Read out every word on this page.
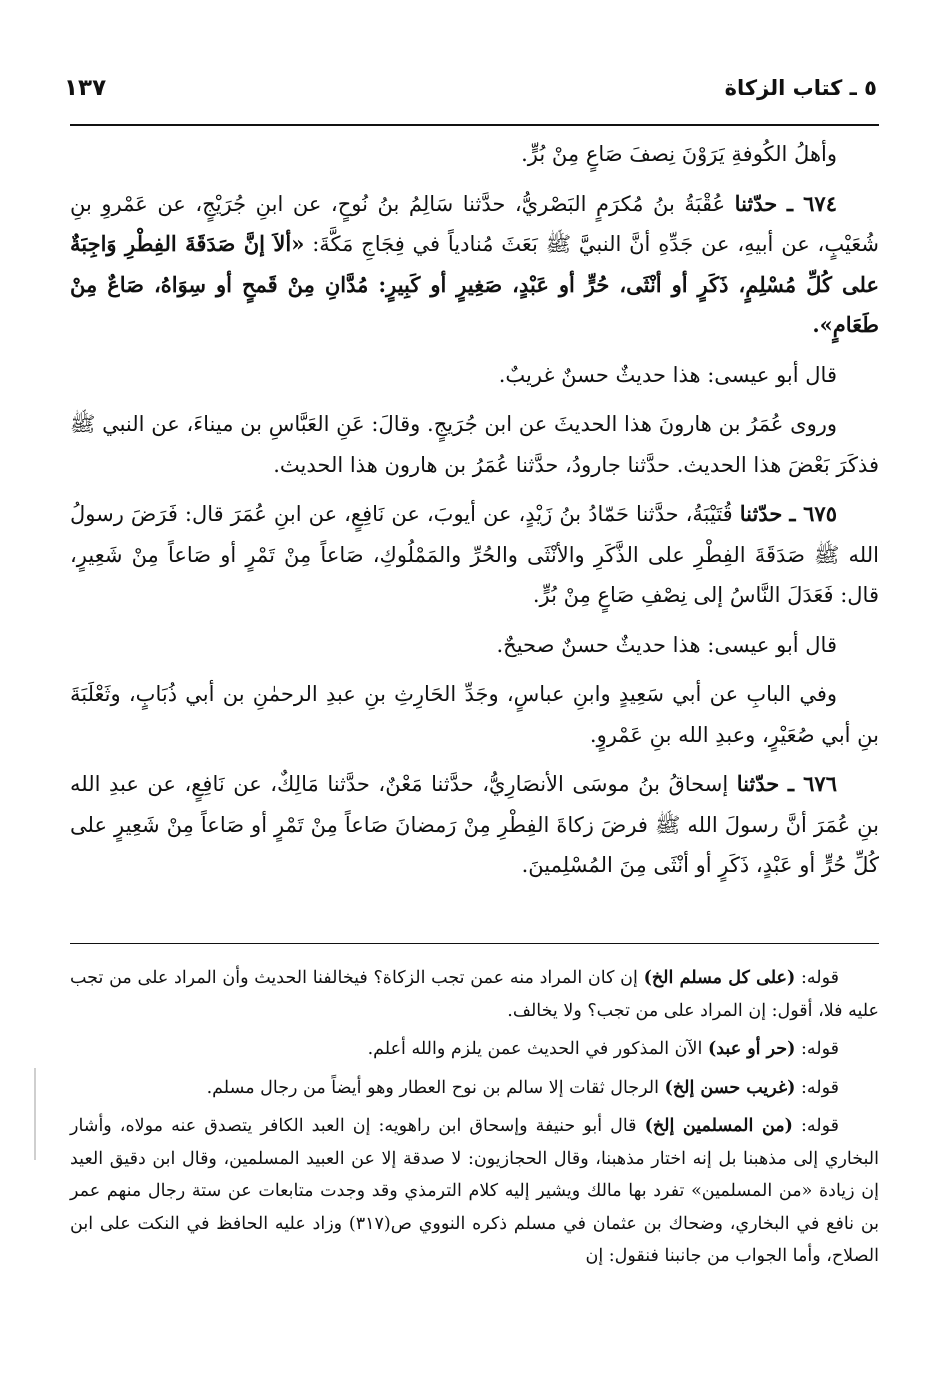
٥ ـ كتاب الزكاة
١٣٧

وأهلُ الكُوفةِ يَرَوْنَ نِصفَ صَاعٍ مِنْ بُرٍّ.

٦٧٤ ـ حدّثنا عُقْبَةُ بنُ مُكرَمٍ البَصْريُّ، حدَّثنا سَالِمُ بنُ نُوحٍ، عن ابنِ جُرَيْجٍ، عن عَمْروِ بنِ شُعَيْبٍ، عن أبيهِ، عن جَدِّهِ أنَّ النبيَّ ﷺ بَعَثَ مُنادياً في فِجَاجِ مَكَّةَ: «ألاَ إنَّ صَدَقَةَ الفِطْرِ وَاجِبَةٌ على كُلِّ مُسْلِمٍ، ذَكَرٍ أو أنْثَى، حُرٍّ أو عَبْدٍ، صَغِيرٍ أو كَبِيرٍ: مُدَّانِ مِنْ قَمحٍ أو سِوَاهُ، صَاعٌ مِنْ طَعَامٍ».

قال أبو عيسى: هذا حديثٌ حسنٌ غريبٌ.

وروى عُمَرُ بن هارونَ هذا الحديثَ عن ابن جُرَيجٍ. وقالَ: عَنِ العَبَّاسِ بن ميناءَ، عن النبي ﷺ فذكَرَ بَعْضَ هذا الحديث. حدَّثنا جارودُ، حدَّثنا عُمَرُ بن هارون هذا الحديث.

٦٧٥ ـ حدّثنا قُتَيْبَةُ، حدَّثنا حَمّادُ بنُ زَيْدٍ، عن أيوبَ، عن نَافِعٍ، عن ابنِ عُمَرَ قال: فَرَضَ رسولُ الله ﷺ صَدَقَةَ الفِطْرِ على الذَّكَرِ والأنْثَى والحُرِّ والمَمْلُوكِ، صَاعاً مِنْ تَمْرٍ أو صَاعاً مِنْ شَعِيرٍ، قال: فَعَدَلَ النَّاسُ إلى نِصْفِ صَاعٍ مِنْ بُرٍّ.

قال أبو عيسى: هذا حديثٌ حسنٌ صحيحٌ.

وفي البابِ عن أبي سَعِيدٍ وابنِ عباسٍ، وجَدِّ الحَارِثِ بنِ عبدِ الرحمٰنِ بن أبي ذُبَابٍ، وثَعْلَبَةَ بنِ أبي صُعَيْرٍ، وعبدِ الله بنِ عَمْروٍ.

٦٧٦ ـ حدّثنا إسحاقُ بنُ موسَى الأنصَارِيُّ، حدَّثنا مَعْنٌ، حدَّثنا مَالِكٌ، عن نَافِعٍ، عن عبدِ الله بنِ عُمَرَ أنَّ رسولَ الله ﷺ فرضَ زكاةَ الفِطْرِ مِنْ رَمضانَ صَاعاً مِنْ تَمْرٍ أو صَاعاً مِنْ شَعِيرٍ على كُلِّ حُرٍّ أو عَبْدٍ، ذَكَرٍ أو أنْثَى مِنَ المُسْلِمينَ.

قوله: (على كل مسلم الخ) إن كان المراد منه عمن تجب الزكاة؟ فيخالفنا الحديث وأن المراد على من تجب عليه فلا، أقول: إن المراد على من تجب؟ ولا يخالف.

قوله: (حر أو عبد) الآن المذكور في الحديث عمن يلزم والله أعلم.

قوله: (غريب حسن إلخ) الرجال ثقات إلا سالم بن نوح العطار وهو أيضاً من رجال مسلم.

قوله: (من المسلمين إلخ) قال أبو حنيفة وإسحاق ابن راهويه: إن العبد الكافر يتصدق عنه مولاه، وأشار البخاري إلى مذهبنا بل إنه اختار مذهبنا، وقال الحجازيون: لا صدقة إلا عن العبيد المسلمين، وقال ابن دقيق العيد إن زيادة «من المسلمين» تفرد بها مالك ويشير إليه كلام الترمذي وقد وجدت متابعات عن ستة رجال منهم عمر بن نافع في البخاري، وضحاك بن عثمان في مسلم ذكره النووي ص(٣١٧) وزاد عليه الحافظ في النكت على ابن الصلاح، وأما الجواب من جانبنا فنقول: إن
